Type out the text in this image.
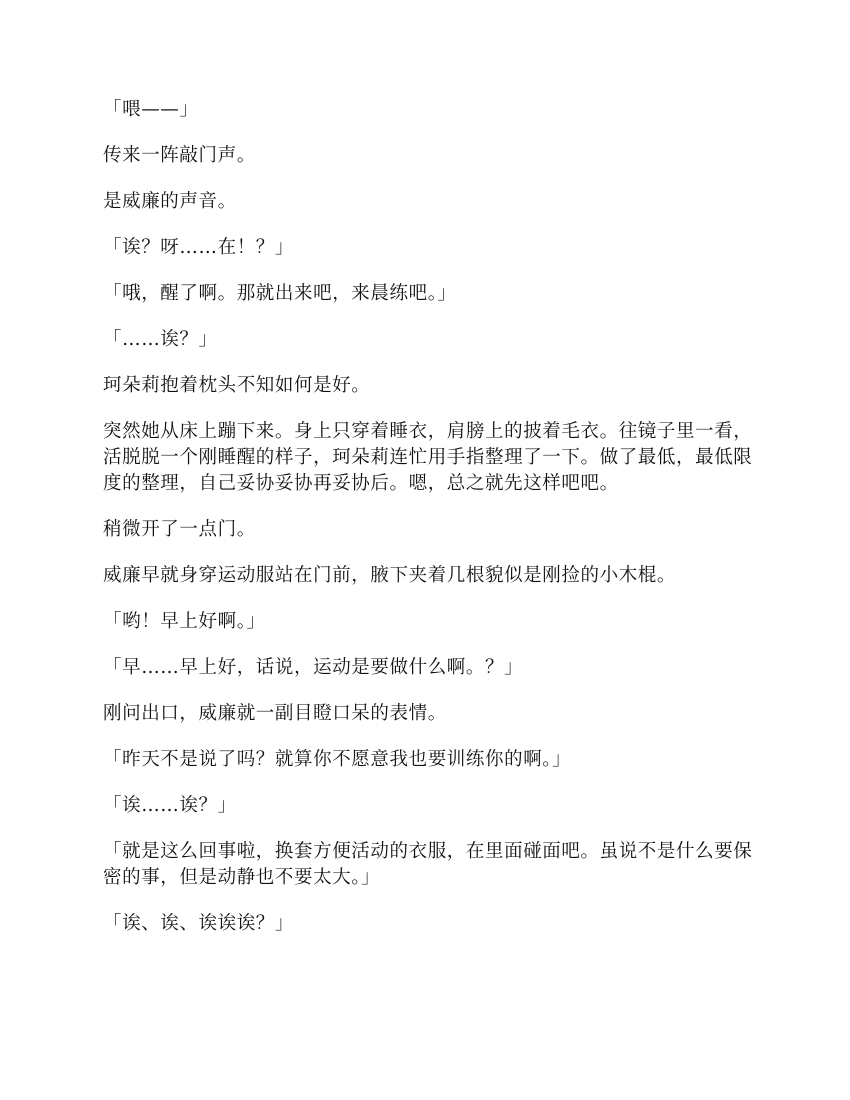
「喂——」

传来一阵敲门声。

是威廉的声音。

「诶？呀……在！？」

「哦，醒了啊。那就出来吧，来晨练吧。」

「……诶？」

珂朵莉抱着枕头不知如何是好。

突然她从床上蹦下来。身上只穿着睡衣，肩膀上的披着毛衣。往镜子里一看，活脱脱一个刚睡醒的样子，珂朵莉连忙用手指整理了一下。做了最低，最低限度的整理，自己妥协妥协再妥协后。嗯，总之就先这样吧吧。

稍微开了一点门。

威廉早就身穿运动服站在门前，腋下夹着几根貌似是刚捡的小木棍。

「哟！早上好啊。」

「早……早上好，话说，运动是要做什么啊。？」

刚问出口，威廉就一副目瞪口呆的表情。

「昨天不是说了吗？就算你不愿意我也要训练你的啊。」

「诶……诶？」

「就是这么回事啦，换套方便活动的衣服，在里面碰面吧。虽说不是什么要保密的事，但是动静也不要太大。」

「诶、诶、诶诶诶？」
